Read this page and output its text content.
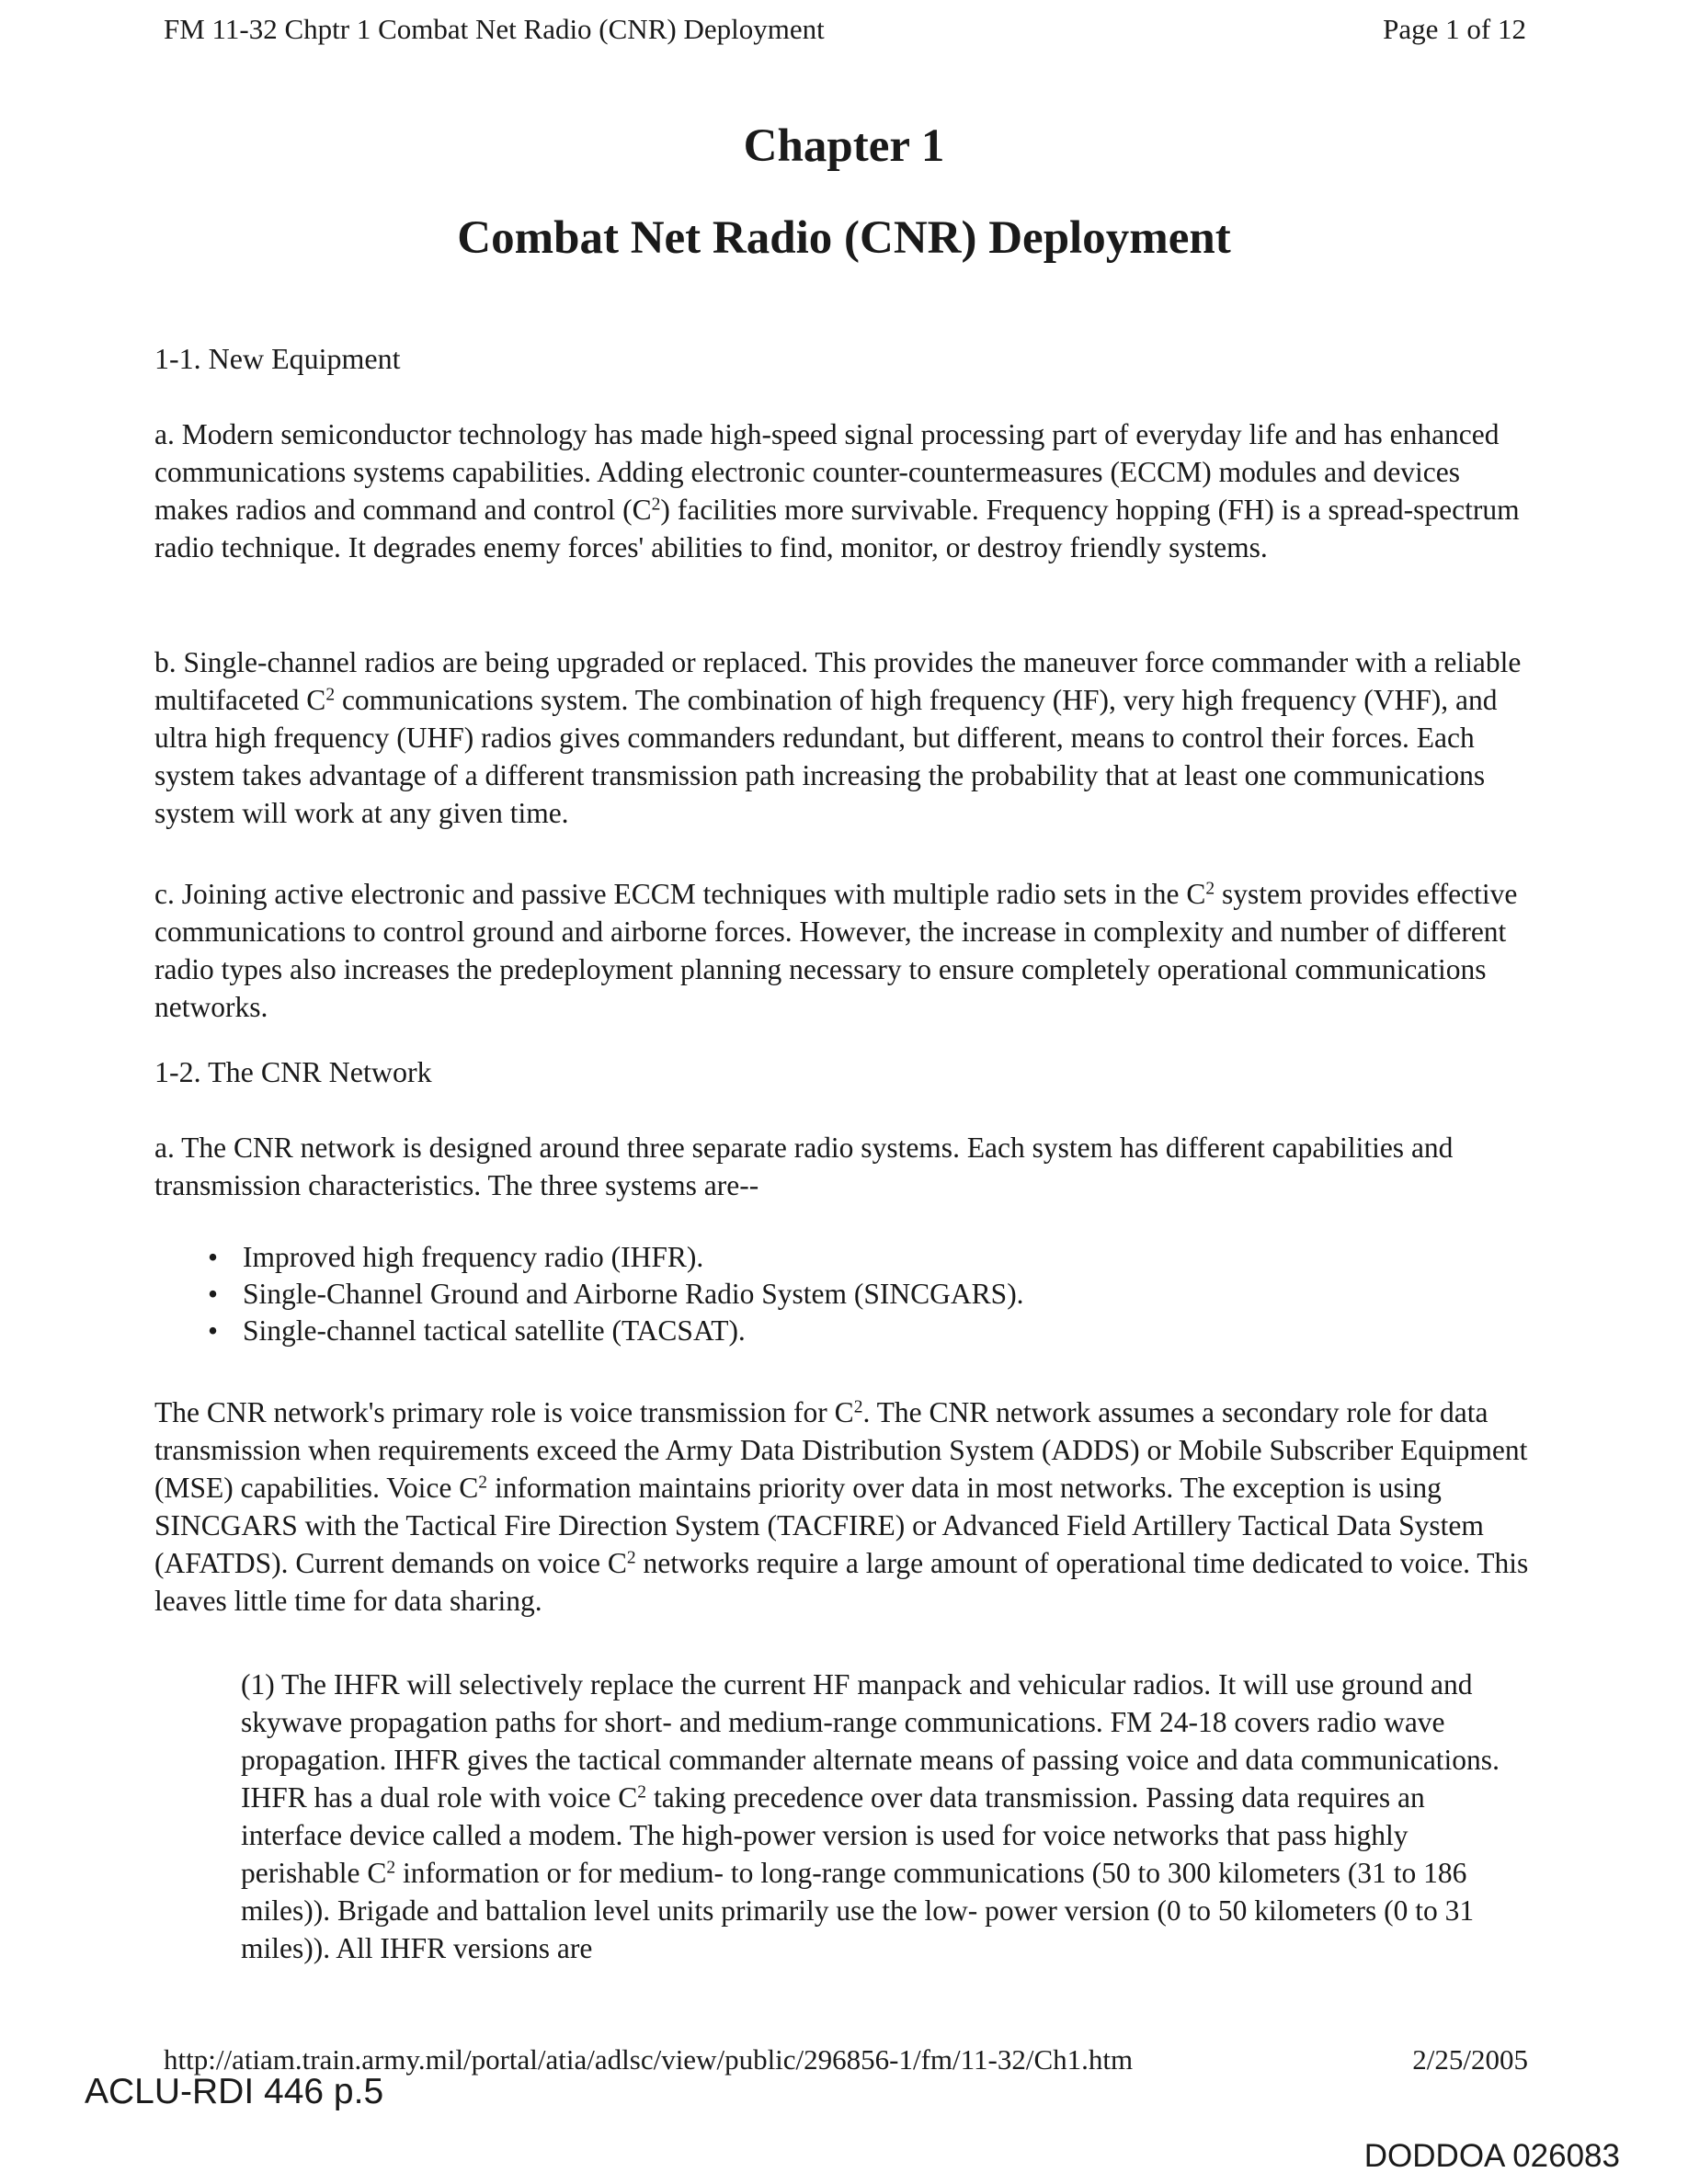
FM 11-32 Chptr 1 Combat Net Radio (CNR) Deployment	Page 1 of 12
Chapter 1
Combat Net Radio (CNR) Deployment
1-1. New Equipment

a. Modern semiconductor technology has made high-speed signal processing part of everyday life and has enhanced communications systems capabilities. Adding electronic counter-countermeasures (ECCM) modules and devices makes radios and command and control $(C^2)$ facilities more survivable. Frequency hopping (FH) is a spread-spectrum radio technique. It degrades enemy forces' abilities to find, monitor, or destroy friendly systems.

b. Single-channel radios are being upgraded or replaced. This provides the maneuver force commander with a reliable multifaceted $C^2$ communications system. The combination of high frequency (HF), very high frequency (VHF), and ultra high frequency (UHF) radios gives commanders redundant, but different, means to control their forces. Each system takes advantage of a different transmission path increasing the probability that at least one communications system will work at any given time.

c. Joining active electronic and passive ECCM techniques with multiple radio sets in the $C^2$ system provides effective communications to control ground and airborne forces. However, the increase in complexity and number of different radio types also increases the predeployment planning necessary to ensure completely operational communications networks.

1-2. The CNR Network

a. The CNR network is designed around three separate radio systems. Each system has different capabilities and transmission characteristics. The three systems are--

• Improved high frequency radio (IHFR).
• Single-Channel Ground and Airborne Radio System (SINCGARS).
• Single-channel tactical satellite (TACSAT).

The CNR network's primary role is voice transmission for $C^2$. The CNR network assumes a secondary role for data transmission when requirements exceed the Army Data Distribution System (ADDS) or Mobile Subscriber Equipment (MSE) capabilities. Voice $C^2$ information maintains priority over data in most networks. The exception is using SINCGARS with the Tactical Fire Direction System (TACFIRE) or Advanced Field Artillery Tactical Data System (AFATDS). Current demands on voice $C^2$ networks require a large amount of operational time dedicated to voice. This leaves little time for data sharing.

(1) The IHFR will selectively replace the current HF manpack and vehicular radios. It will use ground and skywave propagation paths for short- and medium-range communications. FM 24-18 covers radio wave propagation. IHFR gives the tactical commander alternate means of passing voice and data communications. IHFR has a dual role with voice $C^2$ taking precedence over data transmission. Passing data requires an interface device called a modem. The high-power version is used for voice networks that pass highly perishable $C^2$ information or for medium- to long-range communications (50 to 300 kilometers (31 to 186 miles)). Brigade and battalion level units primarily use the low- power version (0 to 50 kilometers (0 to 31 miles)). All IHFR versions are

http://atiam.train.army.mil/portal/atia/adlsc/view/public/296856-1/fm/11-32/Ch1.htm	2/25/2005
ACLU-RDI 446 p.5
DODDOA 026083
